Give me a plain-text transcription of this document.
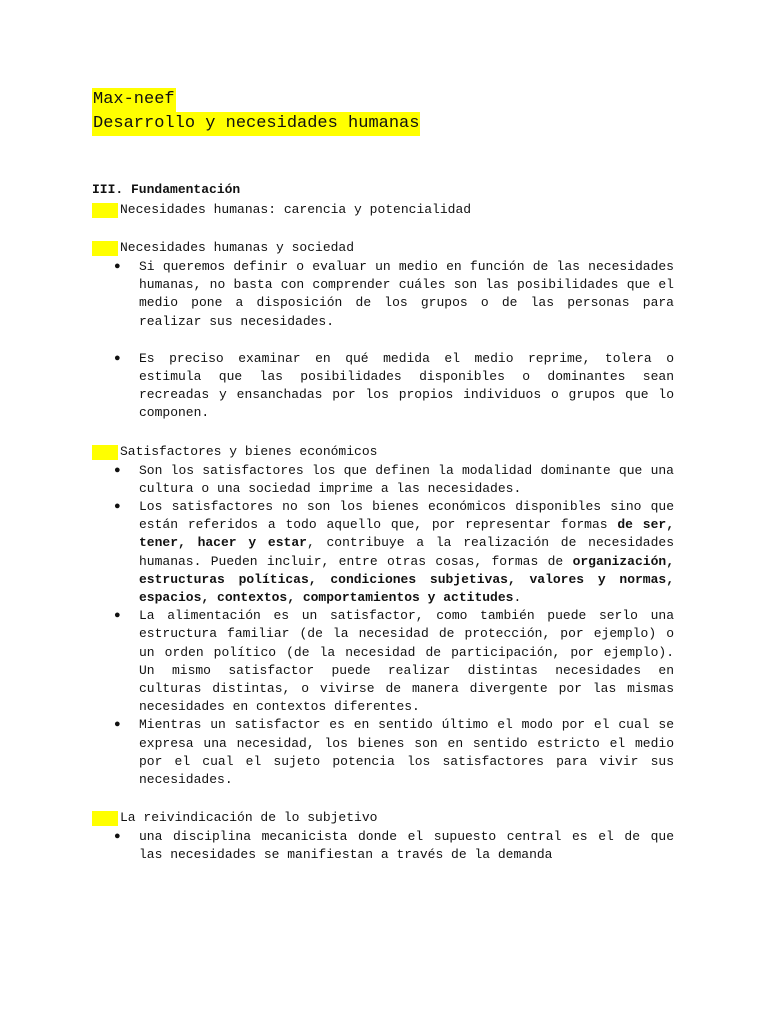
Max-neef
Desarrollo y necesidades humanas

III. Fundamentación

Necesidades humanas: carencia y potencialidad

Necesidades humanas y sociedad

● Si queremos definir o evaluar un medio en función de las necesidades humanas, no basta con comprender cuáles son las posibilidades que el medio pone a disposición de los grupos o de las personas para realizar sus necesidades.
● Es preciso examinar en qué medida el medio reprime, tolera o estimula que las posibilidades disponibles o dominantes sean recreadas y ensanchadas por los propios individuos o grupos que lo componen.

Satisfactores y bienes económicos

● Son los satisfactores los que definen la modalidad dominante que una cultura o una sociedad imprime a las necesidades.
● Los satisfactores no son los bienes económicos disponibles sino que están referidos a todo aquello que, por representar formas de ser, tener, hacer y estar, contribuye a la realización de necesidades humanas. Pueden incluir, entre otras cosas, formas de organización, estructuras políticas, condiciones subjetivas, valores y normas, espacios, contextos, comportamientos y actitudes.
● La alimentación es un satisfactor, como también puede serlo una estructura familiar (de la necesidad de protección, por ejemplo) o un orden político (de la necesidad de participación, por ejemplo). Un mismo satisfactor puede realizar distintas necesidades en culturas distintas, o vivirse de manera divergente por las mismas necesidades en contextos diferentes.
● Mientras un satisfactor es en sentido último el modo por el cual se expresa una necesidad, los bienes son en sentido estricto el medio por el cual el sujeto potencia los satisfactores para vivir sus necesidades.

La reivindicación de lo subjetivo

● una disciplina mecanicista donde el supuesto central es el de que las necesidades se manifiestan a través de la demanda
